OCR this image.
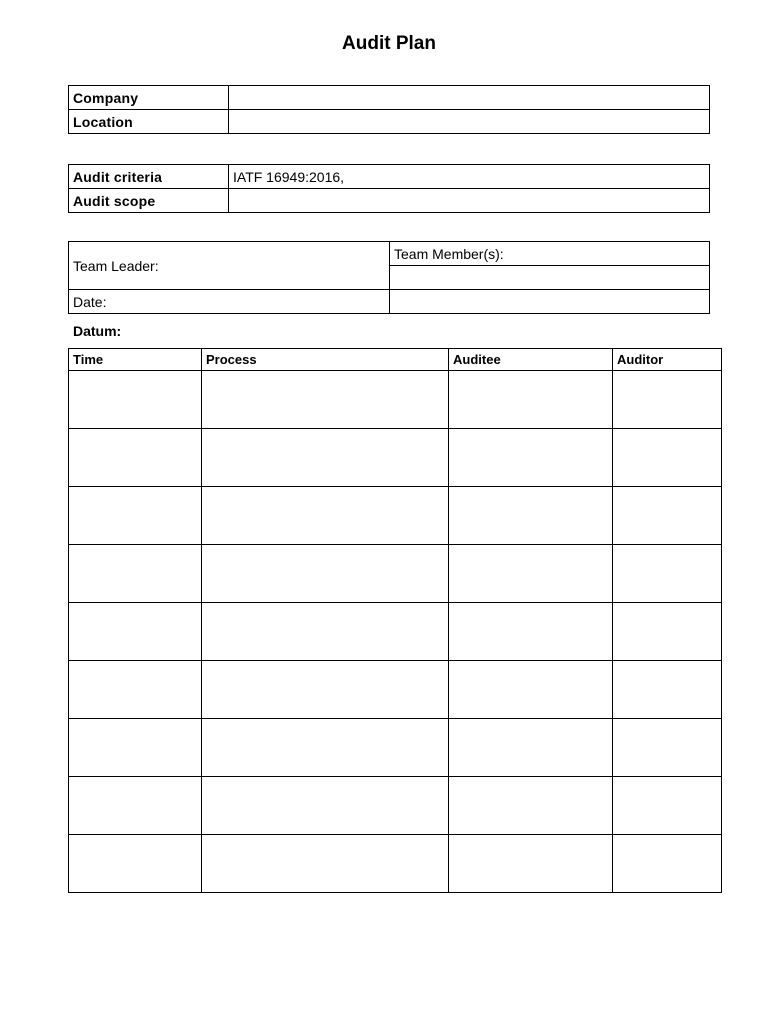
Audit Plan
Company	
Location	
Audit criteria	IATF 16949:2016,
Audit scope	
Team Leader:	Team Member(s):

Date:	
Datum:
Time	Process	Auditee	Auditor
